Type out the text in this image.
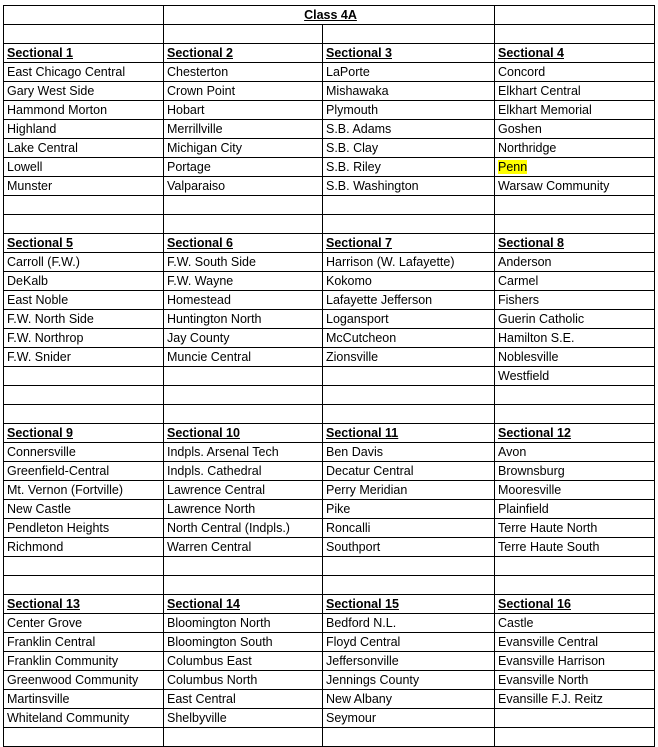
	Class 4A		

Sectional 1	Sectional 2	Sectional 3	Sectional 4
East Chicago Central	Chesterton	LaPorte	Concord
Gary West Side	Crown Point	Mishawaka	Elkhart Central
Hammond Morton	Hobart	Plymouth	Elkhart Memorial
Highland	Merrillville	S.B. Adams	Goshen
Lake Central	Michigan City	S.B. Clay	Northridge
Lowell	Portage	S.B. Riley	Penn
Munster	Valparaiso	S.B. Washington	Warsaw Community

Sectional 5	Sectional 6	Sectional 7	Sectional 8
Carroll (F.W.)	F.W. South Side	Harrison (W. Lafayette)	Anderson
DeKalb	F.W. Wayne	Kokomo	Carmel
East Noble	Homestead	Lafayette Jefferson	Fishers
F.W. North Side	Huntington North	Logansport	Guerin Catholic
F.W. Northrop	Jay County	McCutcheon	Hamilton S.E.
F.W. Snider	Muncie Central	Zionsville	Noblesville
			Westfield

Sectional 9	Sectional 10	Sectional 11	Sectional 12
Connersville	Indpls. Arsenal Tech	Ben Davis	Avon
Greenfield-Central	Indpls. Cathedral	Decatur Central	Brownsburg
Mt. Vernon (Fortville)	Lawrence Central	Perry Meridian	Mooresville
New Castle	Lawrence North	Pike	Plainfield
Pendleton Heights	North Central (Indpls.)	Roncalli	Terre Haute North
Richmond	Warren Central	Southport	Terre Haute South

Sectional 13	Sectional 14	Sectional 15	Sectional 16
Center Grove	Bloomington North	Bedford N.L.	Castle
Franklin Central	Bloomington South	Floyd Central	Evansville Central
Franklin Community	Columbus East	Jeffersonville	Evansville Harrison
Greenwood Community	Columbus North	Jennings County	Evansville North
Martinsville	East Central	New Albany	Evansille F.J. Reitz
Whiteland Community	Shelbyville	Seymour	
